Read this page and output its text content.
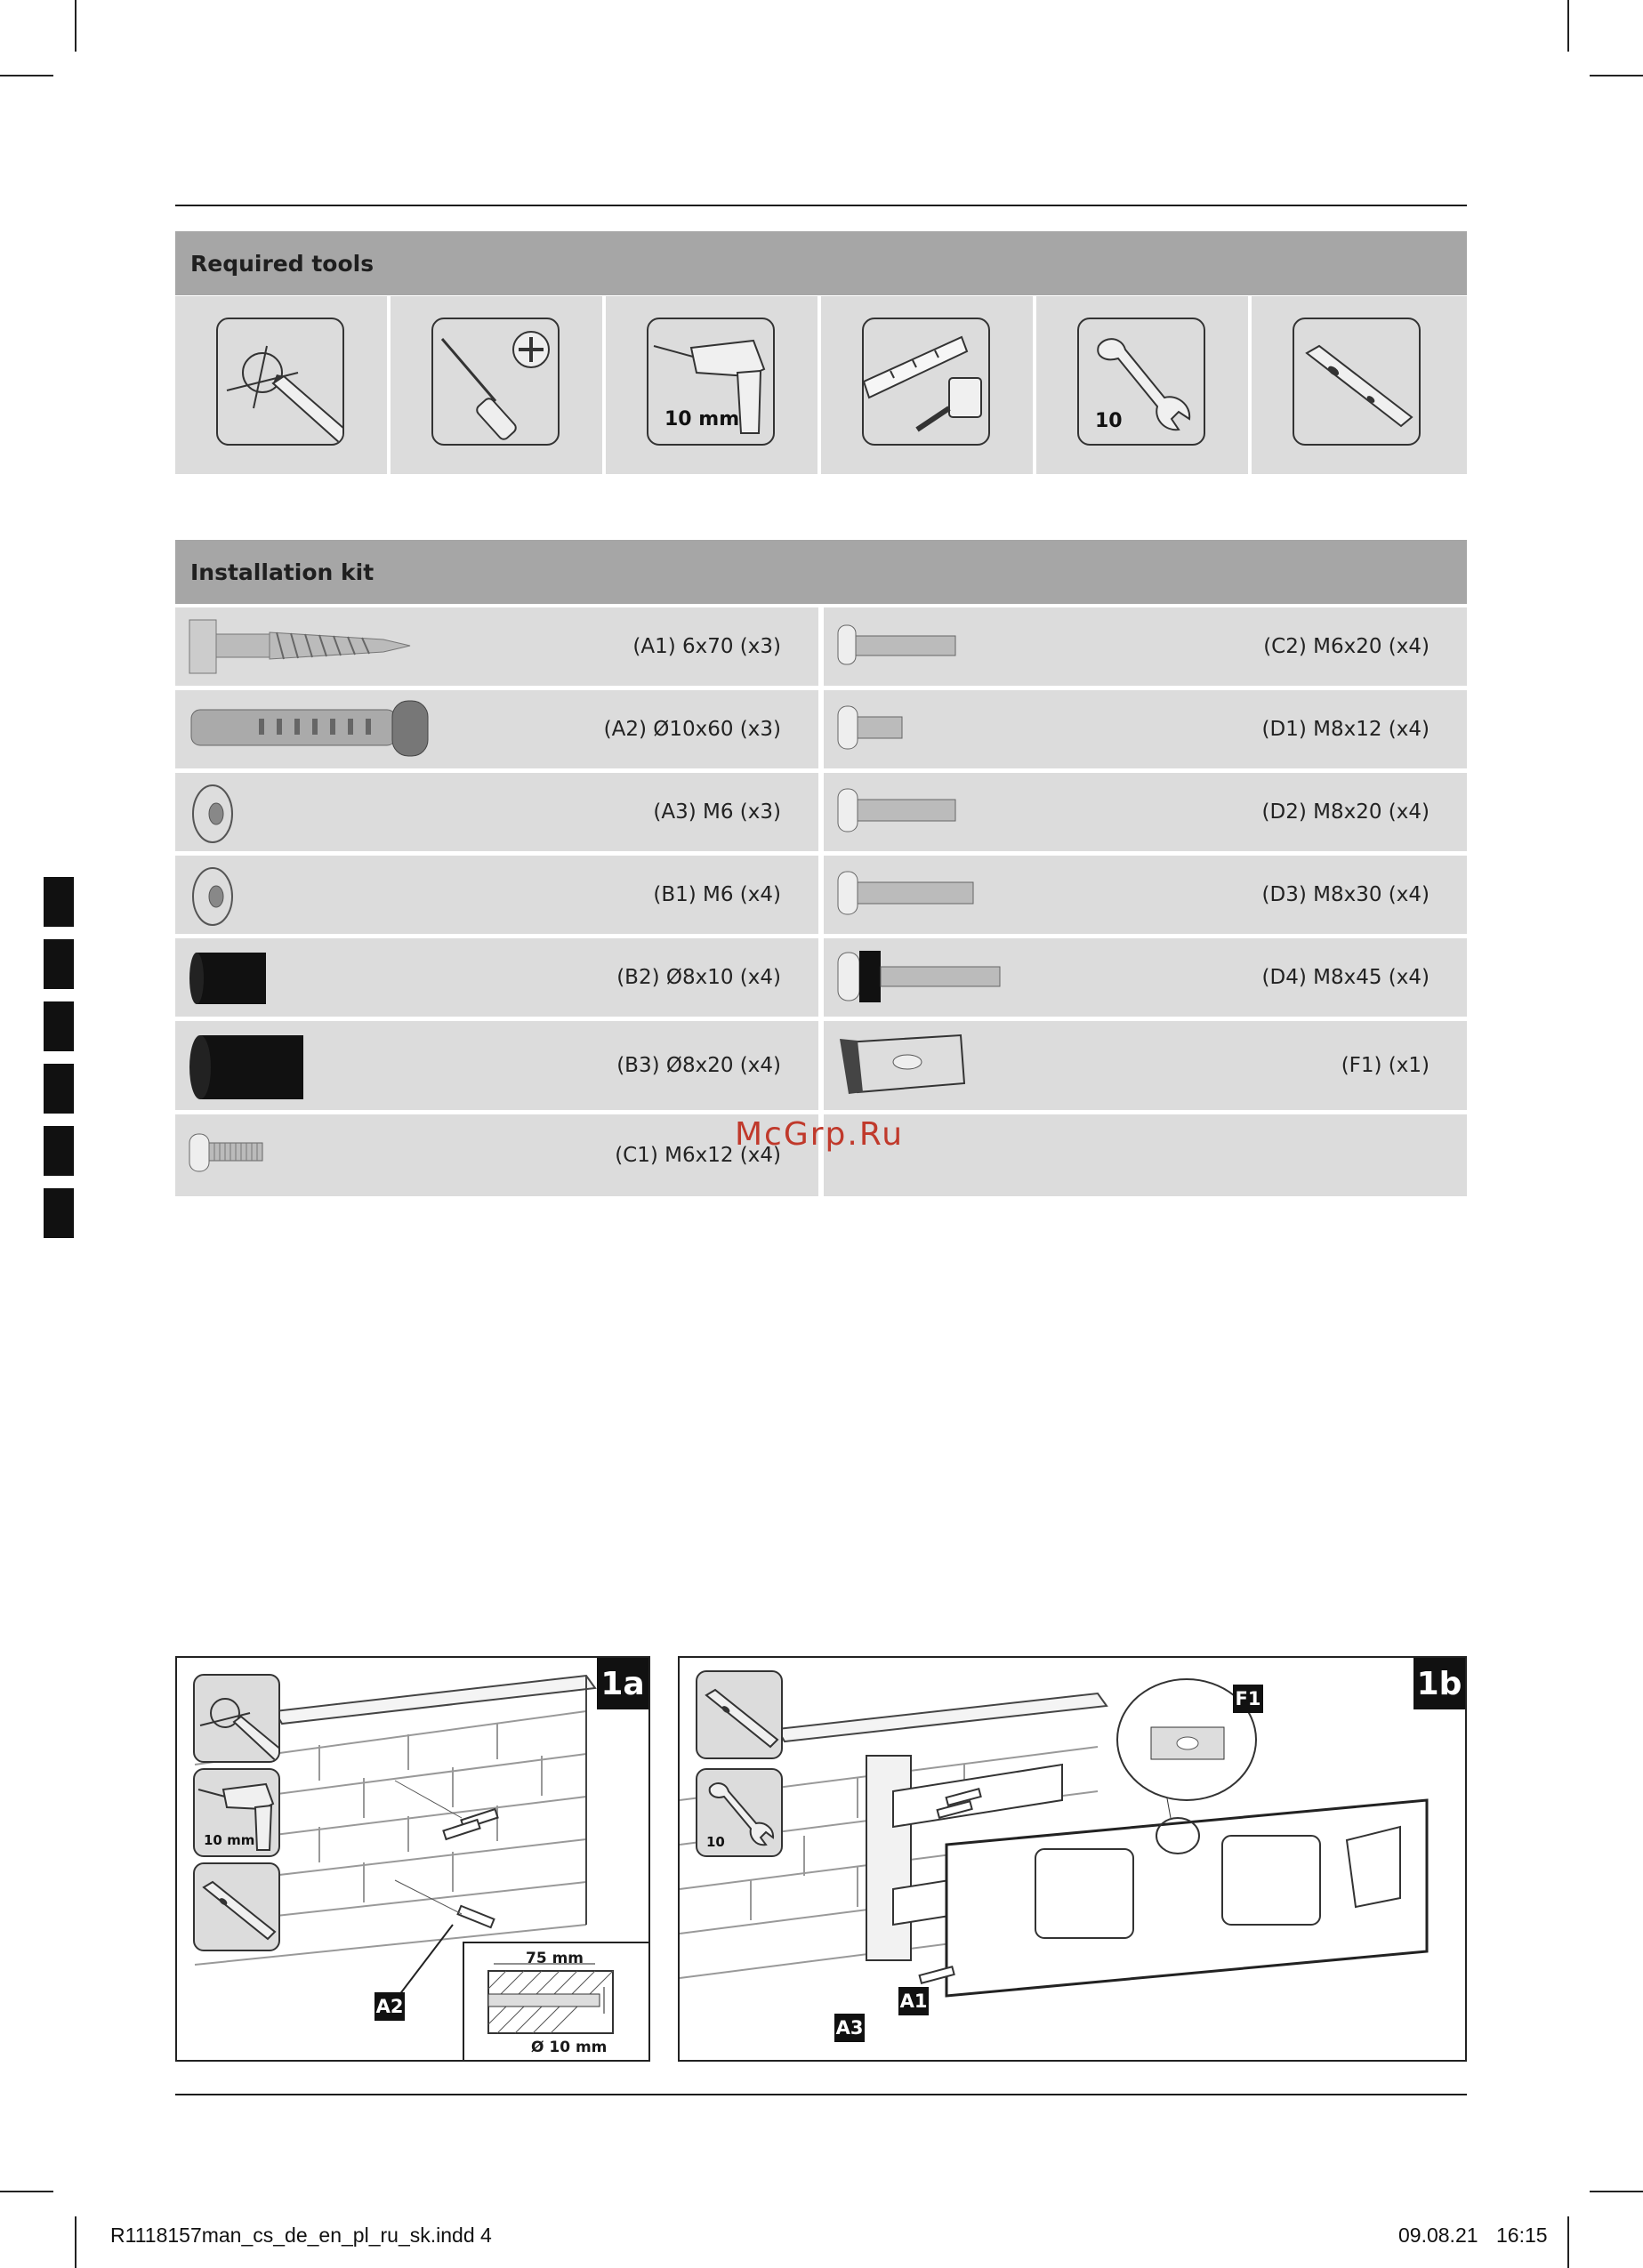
Required tools
10 mm	10
Installation kit
(A1) 6x70 (x3)
(A2) Ø10x60 (x3)
(A3) M6 (x3)
(B1) M6 (x4)
(B2) Ø8x10 (x4)
(B3) Ø8x20 (x4)
(C1) M6x12 (x4)
(C2) M6x20 (x4)
(D1) M8x12 (x4)
(D2) M8x20 (x4)
(D3) M8x30 (x4)
(D4) M8x45 (x4)
(F1) (x1)
McGrp.Ru
1a
10 mm
A2
75 mm
Ø 10 mm
1b
10
F1
A1
A3
R1118157man_cs_de_en_pl_ru_sk.indd 4	09.08.21 16:15
